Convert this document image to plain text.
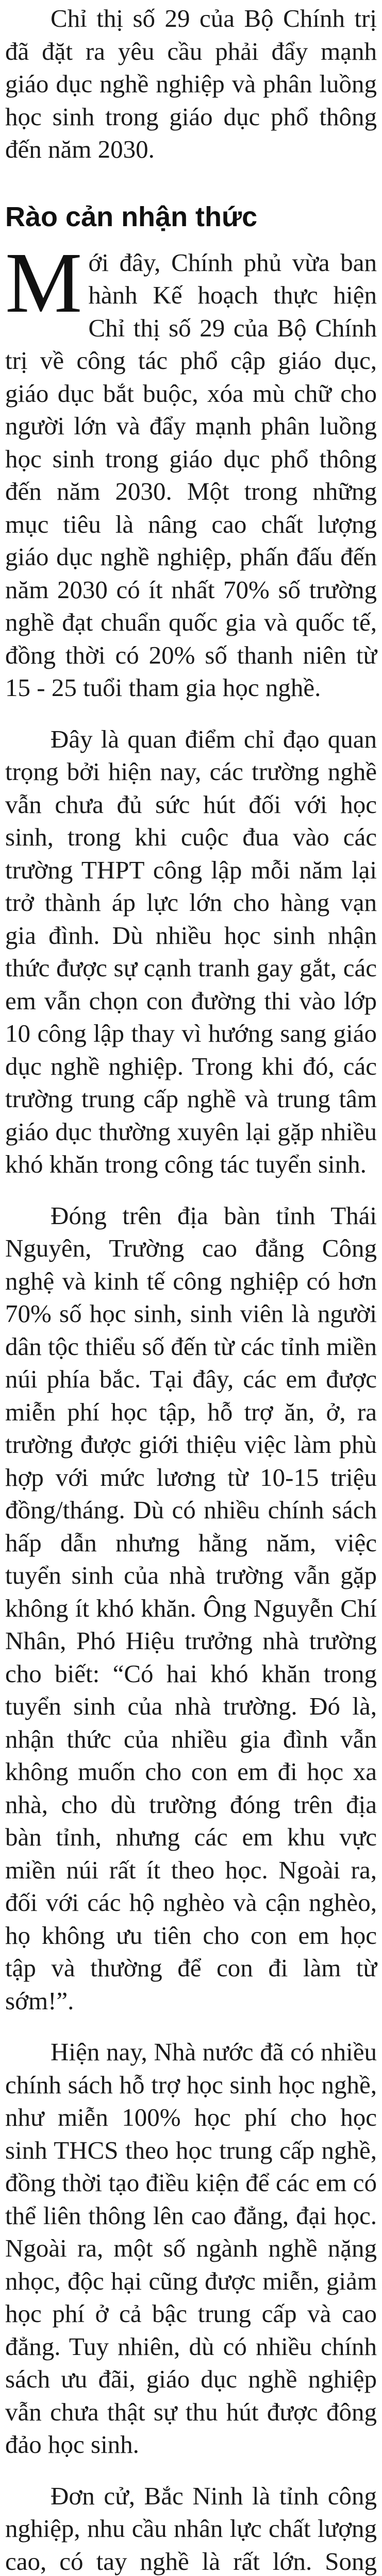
Chỉ thị số 29 của Bộ Chính trị đã đặt ra yêu cầu phải đẩy mạnh giáo dục nghề nghiệp và phân luồng học sinh trong giáo dục phổ thông đến năm 2030.

Rào cản nhận thức

Mới đây, Chính phủ vừa ban hành Kế hoạch thực hiện Chỉ thị số 29 của Bộ Chính trị về công tác phổ cập giáo dục, giáo dục bắt buộc, xóa mù chữ cho người lớn và đẩy mạnh phân luồng học sinh trong giáo dục phổ thông đến năm 2030. Một trong những mục tiêu là nâng cao chất lượng giáo dục nghề nghiệp, phấn đấu đến năm 2030 có ít nhất 70% số trường nghề đạt chuẩn quốc gia và quốc tế, đồng thời có 20% số thanh niên từ 15 - 25 tuổi tham gia học nghề.

Đây là quan điểm chỉ đạo quan trọng bởi hiện nay, các trường nghề vẫn chưa đủ sức hút đối với học sinh, trong khi cuộc đua vào các trường THPT công lập mỗi năm lại trở thành áp lực lớn cho hàng vạn gia đình. Dù nhiều học sinh nhận thức được sự cạnh tranh gay gắt, các em vẫn chọn con đường thi vào lớp 10 công lập thay vì hướng sang giáo dục nghề nghiệp. Trong khi đó, các trường trung cấp nghề và trung tâm giáo dục thường xuyên lại gặp nhiều khó khăn trong công tác tuyển sinh.

Đóng trên địa bàn tỉnh Thái Nguyên, Trường cao đẳng Công nghệ và kinh tế công nghiệp có hơn 70% số học sinh, sinh viên là người dân tộc thiểu số đến từ các tỉnh miền núi phía bắc. Tại đây, các em được miễn phí học tập, hỗ trợ ăn, ở, ra trường được giới thiệu việc làm phù hợp với mức lương từ 10-15 triệu đồng/tháng. Dù có nhiều chính sách hấp dẫn nhưng hằng năm, việc tuyển sinh của nhà trường vẫn gặp không ít khó khăn. Ông Nguyễn Chí Nhân, Phó Hiệu trưởng nhà trường cho biết: “Có hai khó khăn trong tuyển sinh của nhà trường. Đó là, nhận thức của nhiều gia đình vẫn không muốn cho con em đi học xa nhà, cho dù trường đóng trên địa bàn tỉnh, nhưng các em khu vực miền núi rất ít theo học. Ngoài ra, đối với các hộ nghèo và cận nghèo, họ không ưu tiên cho con em học tập và thường để con đi làm từ sớm!”.

Hiện nay, Nhà nước đã có nhiều chính sách hỗ trợ học sinh học nghề, như miễn 100% học phí cho học sinh THCS theo học trung cấp nghề, đồng thời tạo điều kiện để các em có thể liên thông lên cao đẳng, đại học. Ngoài ra, một số ngành nghề nặng nhọc, độc hại cũng được miễn, giảm học phí ở cả bậc trung cấp và cao đẳng. Tuy nhiên, dù có nhiều chính sách ưu đãi, giáo dục nghề nghiệp vẫn chưa thật sự thu hút được đông đảo học sinh.

Đơn cử, Bắc Ninh là tỉnh công nghiệp, nhu cầu nhân lực chất lượng cao, có tay nghề là rất lớn. Song
